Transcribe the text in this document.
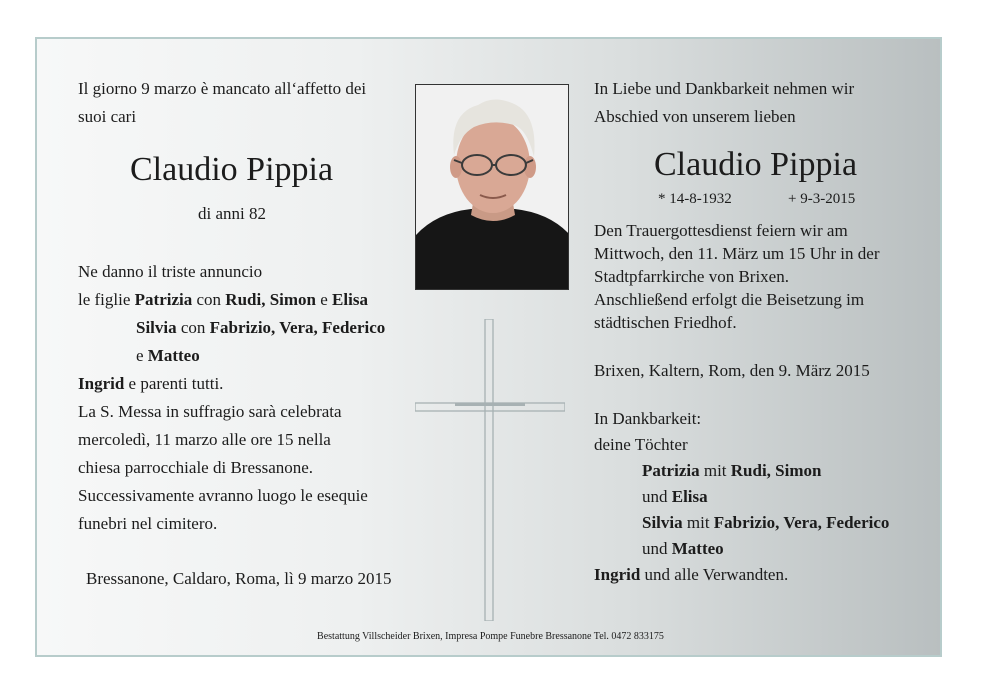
Il giorno 9 marzo è mancato all‘affetto dei
suoi cari
Claudio Pippia
di anni 82
Ne danno il triste annuncio
le figlie Patrizia con Rudi, Simon e Elisa
Silvia con Fabrizio, Vera, Federico
e Matteo
Ingrid e parenti tutti.
La S. Messa in suffragio sarà celebrata
mercoledì, 11 marzo alle ore 15 nella
chiesa parrocchiale di Bressanone.
Successivamente avranno luogo le esequie
funebri nel cimitero.
Bressanone, Caldaro, Roma, lì 9 marzo 2015
In Liebe und Dankbarkeit nehmen wir
Abschied von unserem lieben
Claudio Pippia
* 14-8-1932	+ 9-3-2015
Den Trauergottesdienst feiern wir am
Mittwoch, den 11. März um 15 Uhr in der
Stadtpfarrkirche von Brixen.
Anschließend erfolgt die Beisetzung im
städtischen Friedhof.
Brixen, Kaltern, Rom, den 9. März 2015
In Dankbarkeit:
deine Töchter
Patrizia mit Rudi, Simon
und Elisa
Silvia mit Fabrizio, Vera, Federico
und Matteo
Ingrid und alle Verwandten.
Bestattung Villscheider Brixen, Impresa Pompe Funebre Bressanone Tel. 0472 833175
